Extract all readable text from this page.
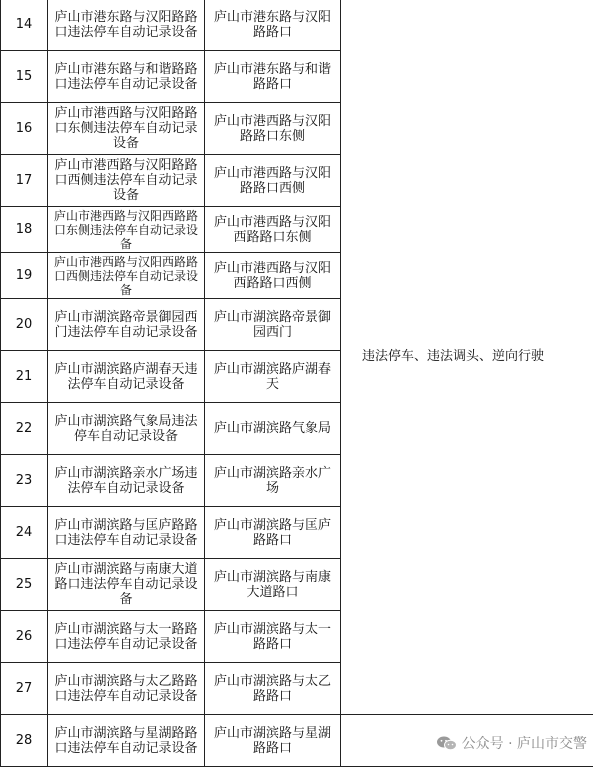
14	庐山市港东路与汉阳路路口违法停车自动记录设备	庐山市港东路与汉阳路路口	违法停车、违法调头、逆向行驶

15	庐山市港东路与和谐路路口违法停车自动记录设备	庐山市港东路与和谐路路口	

16	庐山市港西路与汉阳路路口东侧违法停车自动记录设备	庐山市港西路与汉阳路路口东侧	

17	庐山市港西路与汉阳路路口西侧违法停车自动记录设备	庐山市港西路与汉阳路路口西侧	

18	庐山市港西路与汉阳西路路口东侧违法停车自动记录设备	庐山市港西路与汉阳西路路口东侧	

19	庐山市港西路与汉阳西路路口西侧违法停车自动记录设备	庐山市港西路与汉阳西路路口西侧	

20	庐山市湖滨路帝景御园西门违法停车自动记录设备	庐山市湖滨路帝景御园西门	

21	庐山市湖滨路庐湖春天违法停车自动记录设备	庐山市湖滨路庐湖春天	

22	庐山市湖滨路气象局违法停车自动记录设备	庐山市湖滨路气象局	

23	庐山市湖滨路亲水广场违法停车自动记录设备	庐山市湖滨路亲水广场	

24	庐山市湖滨路与匡庐路路口违法停车自动记录设备	庐山市湖滨路与匡庐路路口	

25	庐山市湖滨路与南康大道路口违法停车自动记录设备	庐山市湖滨路与南康大道路口	

26	庐山市湖滨路与太一路路口违法停车自动记录设备	庐山市湖滨路与太一路路口	

27	庐山市湖滨路与太乙路路口违法停车自动记录设备	庐山市湖滨路与太乙路路口	

28	庐山市湖滨路与星湖路路口违法停车自动记录设备	庐山市湖滨路与星湖路路口	
		公众号 · 庐山市交警
